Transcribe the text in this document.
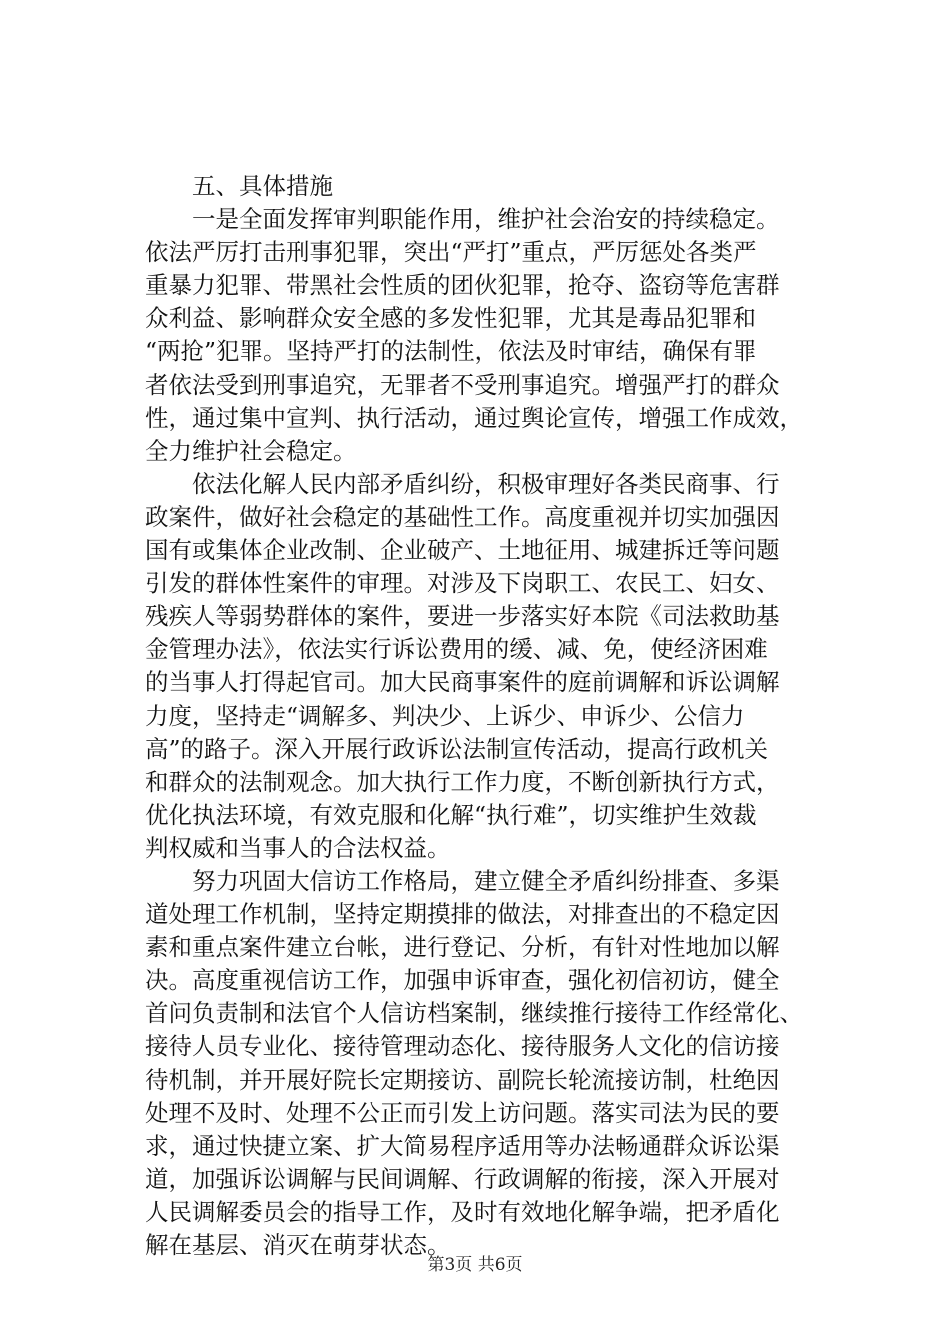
　　五、具体措施
　　一是全面发挥审判职能作用，维护社会治安的持续稳定。
依法严厉打击刑事犯罪，突出“严打”重点，严厉惩处各类严
重暴力犯罪、带黑社会性质的团伙犯罪，抢夺、盗窃等危害群
众利益、影响群众安全感的多发性犯罪，尤其是毒品犯罪和
“两抢”犯罪。坚持严打的法制性，依法及时审结，确保有罪
者依法受到刑事追究，无罪者不受刑事追究。增强严打的群众
性，通过集中宣判、执行活动，通过舆论宣传，增强工作成效，
全力维护社会稳定。
　　依法化解人民内部矛盾纠纷，积极审理好各类民商事、行
政案件，做好社会稳定的基础性工作。高度重视并切实加强因
国有或集体企业改制、企业破产、土地征用、城建拆迁等问题
引发的群体性案件的审理。对涉及下岗职工、农民工、妇女、
残疾人等弱势群体的案件，要进一步落实好本院《司法救助基
金管理办法》，依法实行诉讼费用的缓、减、免，使经济困难
的当事人打得起官司。加大民商事案件的庭前调解和诉讼调解
力度，坚持走“调解多、判决少、上诉少、申诉少、公信力
高”的路子。深入开展行政诉讼法制宣传活动，提高行政机关
和群众的法制观念。加大执行工作力度，不断创新执行方式，
优化执法环境，有效克服和化解“执行难”，切实维护生效裁
判权威和当事人的合法权益。
　　努力巩固大信访工作格局，建立健全矛盾纠纷排查、多渠
道处理工作机制，坚持定期摸排的做法，对排查出的不稳定因
素和重点案件建立台帐，进行登记、分析，有针对性地加以解
决。高度重视信访工作，加强申诉审查，强化初信初访，健全
首问负责制和法官个人信访档案制，继续推行接待工作经常化、
接待人员专业化、接待管理动态化、接待服务人文化的信访接
待机制，并开展好院长定期接访、副院长轮流接访制，杜绝因
处理不及时、处理不公正而引发上访问题。落实司法为民的要
求，通过快捷立案、扩大简易程序适用等办法畅通群众诉讼渠
道，加强诉讼调解与民间调解、行政调解的衔接，深入开展对
人民调解委员会的指导工作，及时有效地化解争端，把矛盾化
解在基层、消灭在萌芽状态。
第3页 共6页
